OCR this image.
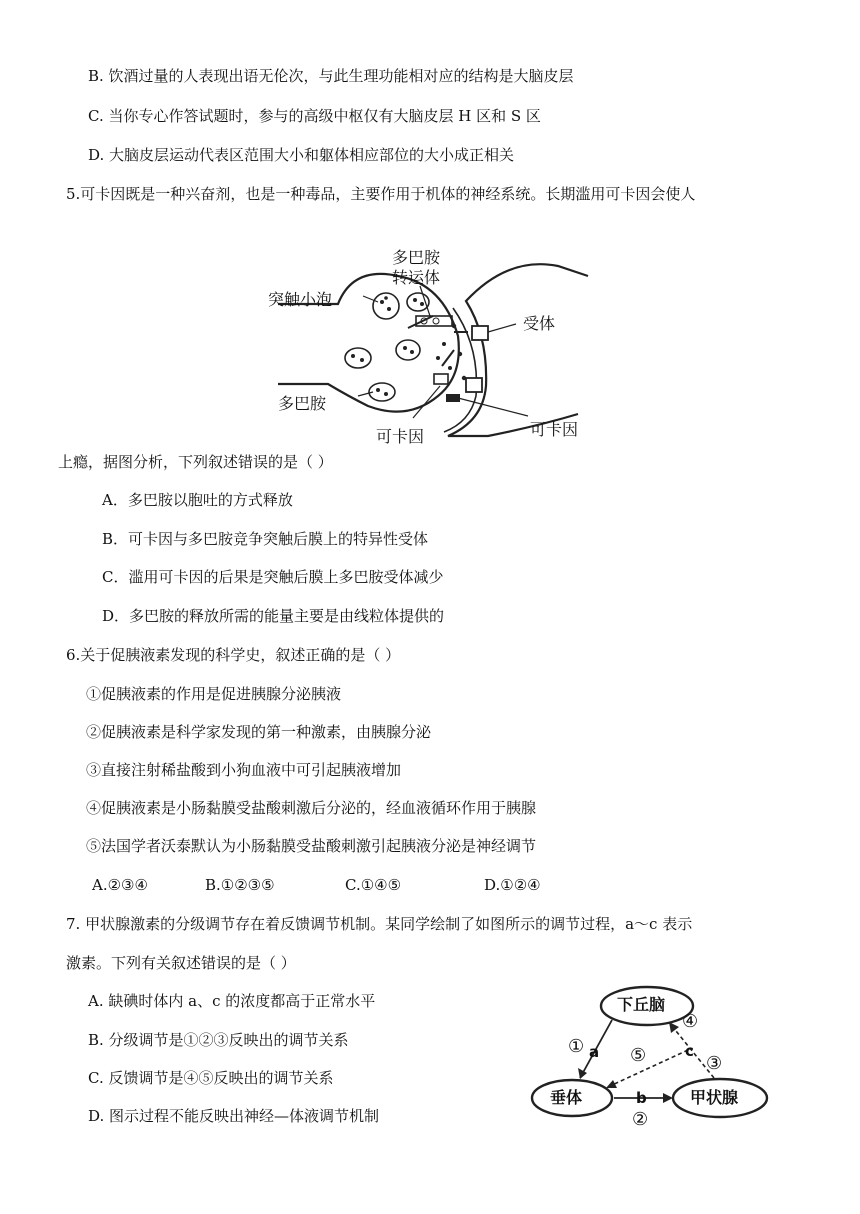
B. 饮酒过量的人表现出语无伦次，与此生理功能相对应的结构是大脑皮层
C. 当你专心作答试题时，参与的高级中枢仅有大脑皮层 H 区和 S 区
D. 大脑皮层运动代表区范围大小和躯体相应部位的大小成正相关
5.可卡因既是一种兴奋剂，也是一种毒品，主要作用于机体的神经系统。长期滥用可卡因会使人
多巴胺
转运体
突触小泡
受体
多巴胺
可卡因	可卡因
上瘾，据图分析，下列叙述错误的是（ ）
A．多巴胺以胞吐的方式释放
B．可卡因与多巴胺竞争突触后膜上的特异性受体
C．滥用可卡因的后果是突触后膜上多巴胺受体减少
D．多巴胺的释放所需的能量主要是由线粒体提供的
6.关于促胰液素发现的科学史，叙述正确的是（ ）
①促胰液素的作用是促进胰腺分泌胰液
②促胰液素是科学家发现的第一种激素，由胰腺分泌
③直接注射稀盐酸到小狗血液中可引起胰液增加
④促胰液素是小肠黏膜受盐酸刺激后分泌的，经血液循环作用于胰腺
⑤法国学者沃泰默认为小肠黏膜受盐酸刺激引起胰液分泌是神经调节
A.②③④	B.①②③⑤	C.①④⑤	D.①②④
7. 甲状腺激素的分级调节存在着反馈调节机制。某同学绘制了如图所示的调节过程，a～c 表示
激素。下列有关叙述错误的是（ ）
A. 缺碘时体内 a、c 的浓度都高于正常水平
B. 分级调节是①②③反映出的调节关系
C. 反馈调节是④⑤反映出的调节关系
D. 图示过程不能反映出神经—体液调节机制
下丘脑
垂体	甲状腺
① a ⑤	c
④
③
b
②
